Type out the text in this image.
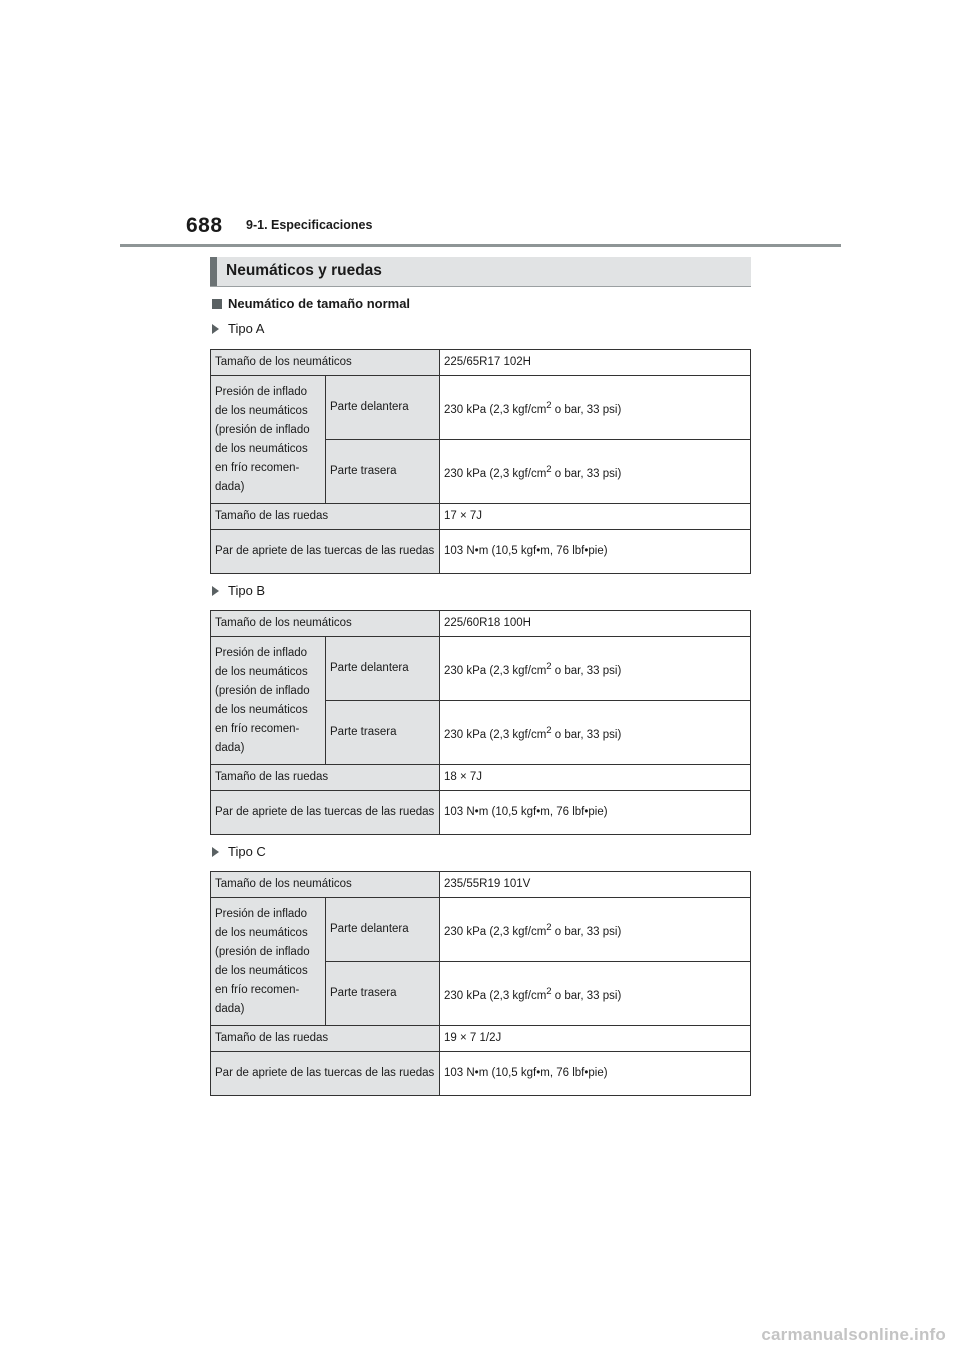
688 9-1. Especificaciones
Neumáticos y ruedas
Neumático de tamaño normal
Tipo A
Tamaño de los neumáticos		225/65R17 102H
Presión de inflado de los neumáticos (presión de inflado de los neumáticos en frío recomen- dada)	Parte delantera	230 kPa (2,3 kgf/$cm^2$ o bar, 33 psi)
	Parte trasera	230 kPa (2,3 kgf/$cm^2$ o bar, 33 psi)
Tamaño de las ruedas		17 × 7J
Par de apriete de las tuercas de las ruedas		103 N•m (10,5 kgf•m, 76 lbf•pie)
Tipo B
Tamaño de los neumáticos		225/60R18 100H
Presión de inflado de los neumáticos (presión de inflado de los neumáticos en frío recomen- dada)	Parte delantera	230 kPa (2,3 kgf/$cm^2$ o bar, 33 psi)
	Parte trasera	230 kPa (2,3 kgf/$cm^2$ o bar, 33 psi)
Tamaño de las ruedas		18 × 7J
Par de apriete de las tuercas de las ruedas		103 N•m (10,5 kgf•m, 76 lbf•pie)
Tipo C
Tamaño de los neumáticos		235/55R19 101V
Presión de inflado de los neumáticos (presión de inflado de los neumáticos en frío recomen- dada)	Parte delantera	230 kPa (2,3 kgf/$cm^2$ o bar, 33 psi)
	Parte trasera	230 kPa (2,3 kgf/$cm^2$ o bar, 33 psi)
Tamaño de las ruedas		19 × 7 1/2J
Par de apriete de las tuercas de las ruedas		103 N•m (10,5 kgf•m, 76 lbf•pie)
carmanualsonline.info
